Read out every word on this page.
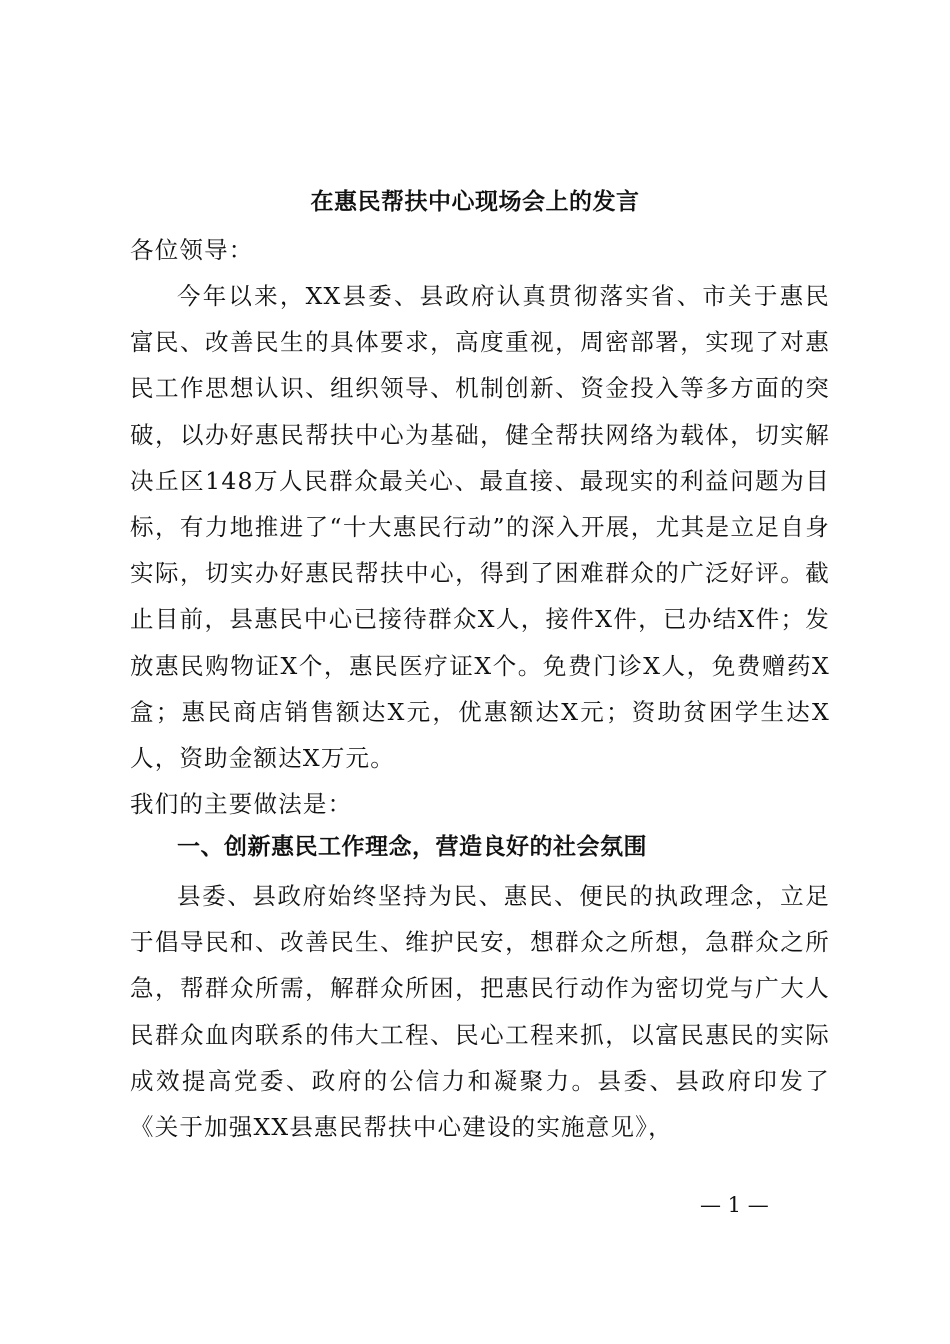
在惠民帮扶中心现场会上的发言

各位领导：

今年以来，XX县委、县政府认真贯彻落实省、市关于惠民富民、改善民生的具体要求，高度重视，周密部署，实现了对惠民工作思想认识、组织领导、机制创新、资金投入等多方面的突破，以办好惠民帮扶中心为基础，健全帮扶网络为载体，切实解决丘区148万人民群众最关心、最直接、最现实的利益问题为目标，有力地推进了“十大惠民行动”的深入开展，尤其是立足自身实际，切实办好惠民帮扶中心，得到了困难群众的广泛好评。截止目前，县惠民中心已接待群众X人，接件X件，已办结X件；发放惠民购物证X个，惠民医疗证X个。免费门诊X人，免费赠药X盒；惠民商店销售额达X元，优惠额达X元；资助贫困学生达X人，资助金额达X万元。

我们的主要做法是：

一、创新惠民工作理念，营造良好的社会氛围

县委、县政府始终坚持为民、惠民、便民的执政理念，立足于倡导民和、改善民生、维护民安，想群众之所想，急群众之所急，帮群众所需，解群众所困，把惠民行动作为密切党与广大人民群众血肉联系的伟大工程、民心工程来抓，以富民惠民的实际成效提高党委、政府的公信力和凝聚力。县委、县政府印发了《关于加强XX县惠民帮扶中心建设的实施意见》，

— 1 —
